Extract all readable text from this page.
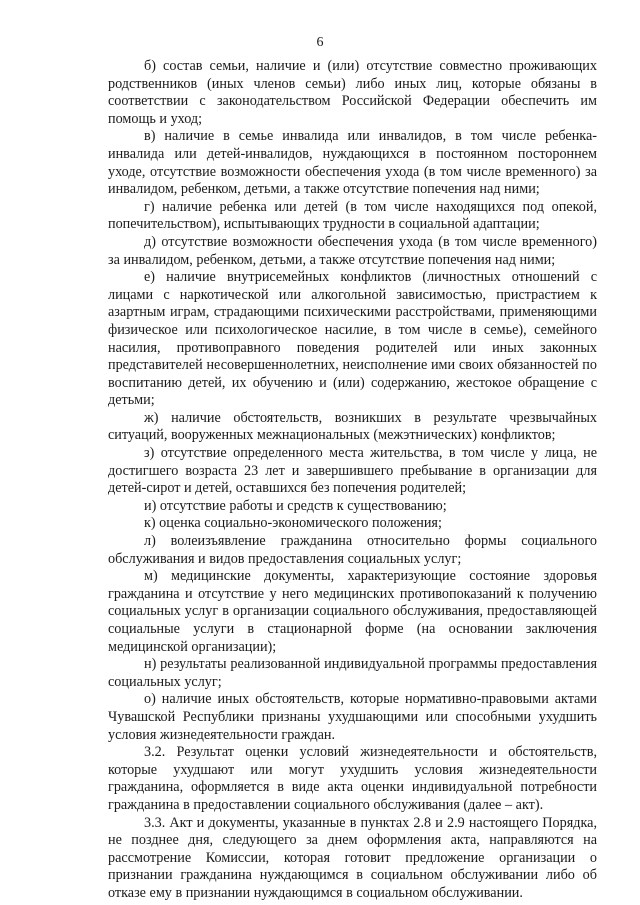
6

б) состав семьи, наличие и (или) отсутствие совместно проживающих родственников (иных членов семьи) либо иных лиц, которые обязаны в соответствии с законодательством Российской Федерации обеспечить им помощь и уход;

в) наличие в семье инвалида или инвалидов, в том числе ребенка-инвалида или детей-инвалидов, нуждающихся в постоянном постороннем уходе, отсутствие возможности обеспечения ухода (в том числе временного) за инвалидом, ребенком, детьми, а также отсутствие попечения над ними;

г) наличие ребенка или детей (в том числе находящихся под опекой, попечительством), испытывающих трудности в социальной адаптации;

д) отсутствие возможности обеспечения ухода (в том числе временного) за инвалидом, ребенком, детьми, а также отсутствие попечения над ними;

е) наличие внутрисемейных конфликтов (личностных отношений с лицами с наркотической или алкогольной зависимостью, пристрастием к азартным играм, страдающими психическими расстройствами, применяющими физическое или психологическое насилие, в том числе в семье), семейного насилия, противоправного поведения родителей или иных законных представителей несовершеннолетних, неисполнение ими своих обязанностей по воспитанию детей, их обучению и (или) содержанию, жестокое обращение с детьми;

ж) наличие обстоятельств, возникших в результате чрезвычайных ситуаций, вооруженных межнациональных (межэтнических) конфликтов;

з) отсутствие определенного места жительства, в том числе у лица, не достигшего возраста 23 лет и завершившего пребывание в организации для детей-сирот и детей, оставшихся без попечения родителей;

и) отсутствие работы и средств к существованию;

к) оценка социально-экономического положения;

л) волеизъявление гражданина относительно формы социального обслуживания и видов предоставления социальных услуг;

м) медицинские документы, характеризующие состояние здоровья гражданина и отсутствие у него медицинских противопоказаний к получению социальных услуг в организации социального обслуживания, предоставляющей социальные услуги в стационарной форме (на основании заключения медицинской организации);

н) результаты реализованной индивидуальной программы предоставления социальных услуг;

о) наличие иных обстоятельств, которые нормативно-правовыми актами Чувашской Республики признаны ухудшающими или способными ухудшить условия жизнедеятельности граждан.

3.2. Результат оценки условий жизнедеятельности и обстоятельств, которые ухудшают или могут ухудшить условия жизнедеятельности гражданина, оформляется в виде акта оценки индивидуальной потребности гражданина в предоставлении социального обслуживания (далее – акт).

3.3. Акт и документы, указанные в пунктах 2.8 и 2.9 настоящего Порядка, не позднее дня, следующего за днем оформления акта, направляются на рассмотрение Комиссии, которая готовит предложение организации о признании гражданина нуждающимся в социальном обслуживании либо об отказе ему в признании нуждающимся в социальном обслуживании.
